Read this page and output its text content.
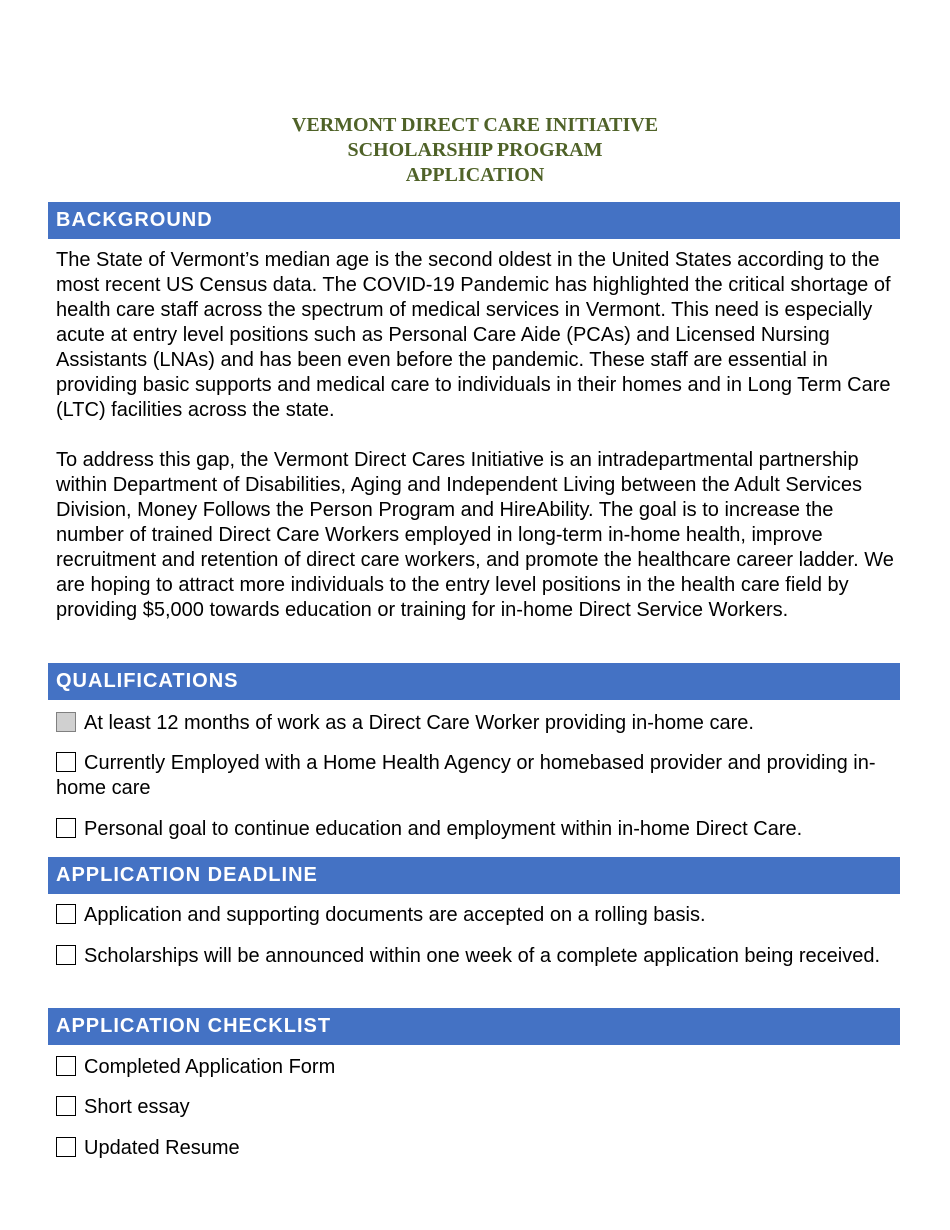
VERMONT DIRECT CARE INITIATIVE
SCHOLARSHIP PROGRAM
APPLICATION
BACKGROUND

The State of Vermont’s median age is the second oldest in the United States according to the most recent US Census data. The COVID-19 Pandemic has highlighted the critical shortage of health care staff across the spectrum of medical services in Vermont. This need is especially acute at entry level positions such as Personal Care Aide (PCAs) and Licensed Nursing Assistants (LNAs) and has been even before the pandemic. These staff are essential in providing basic supports and medical care to individuals in their homes and in Long Term Care (LTC) facilities across the state.

To address this gap, the Vermont Direct Cares Initiative is an intradepartmental partnership within Department of Disabilities, Aging and Independent Living between the Adult Services Division, Money Follows the Person Program and HireAbility. The goal is to increase the number of trained Direct Care Workers employed in long-term in-home health, improve recruitment and retention of direct care workers, and promote the healthcare career ladder. We are hoping to attract more individuals to the entry level positions in the health care field by providing $5,000 towards education or training for in-home Direct Service Workers.

QUALIFICATIONS
At least 12 months of work as a Direct Care Worker providing in-home care.
Currently Employed with a Home Health Agency or homebased provider and providing in-home care
Personal goal to continue education and employment within in-home Direct Care.
APPLICATION DEADLINE
Application and supporting documents are accepted on a rolling basis.
Scholarships will be announced within one week of a complete application being received.
APPLICATION CHECKLIST
Completed Application Form
Short essay
Updated Resume
